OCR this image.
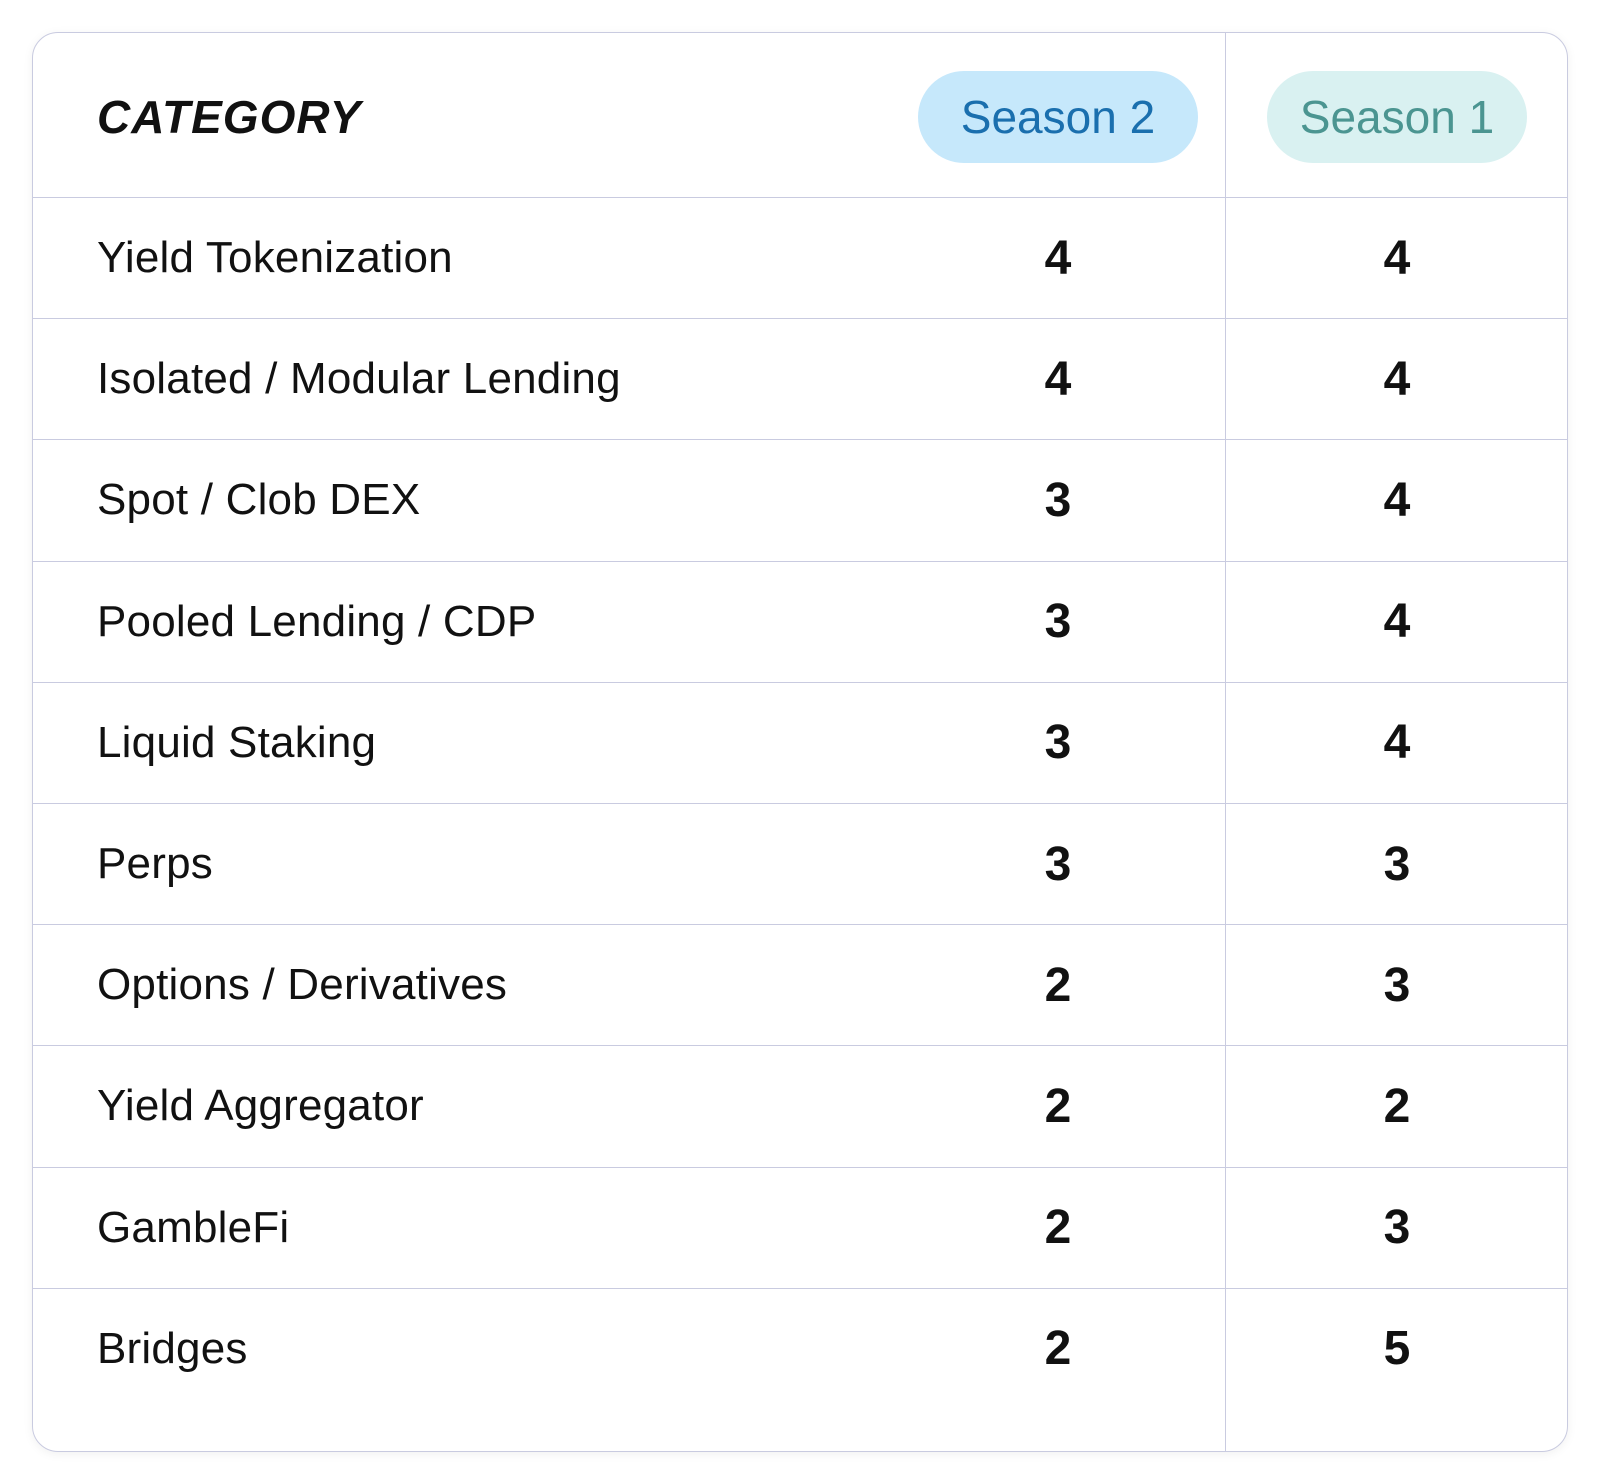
CATEGORY	Season 2	Season 1
Yield Tokenization	4	4
Isolated / Modular Lending	4	4
Spot / Clob DEX	3	4
Pooled Lending / CDP	3	4
Liquid Staking	3	4
Perps	3	3
Options / Derivatives	2	3
Yield Aggregator	2	2
GambleFi	2	3
Bridges	2	5
